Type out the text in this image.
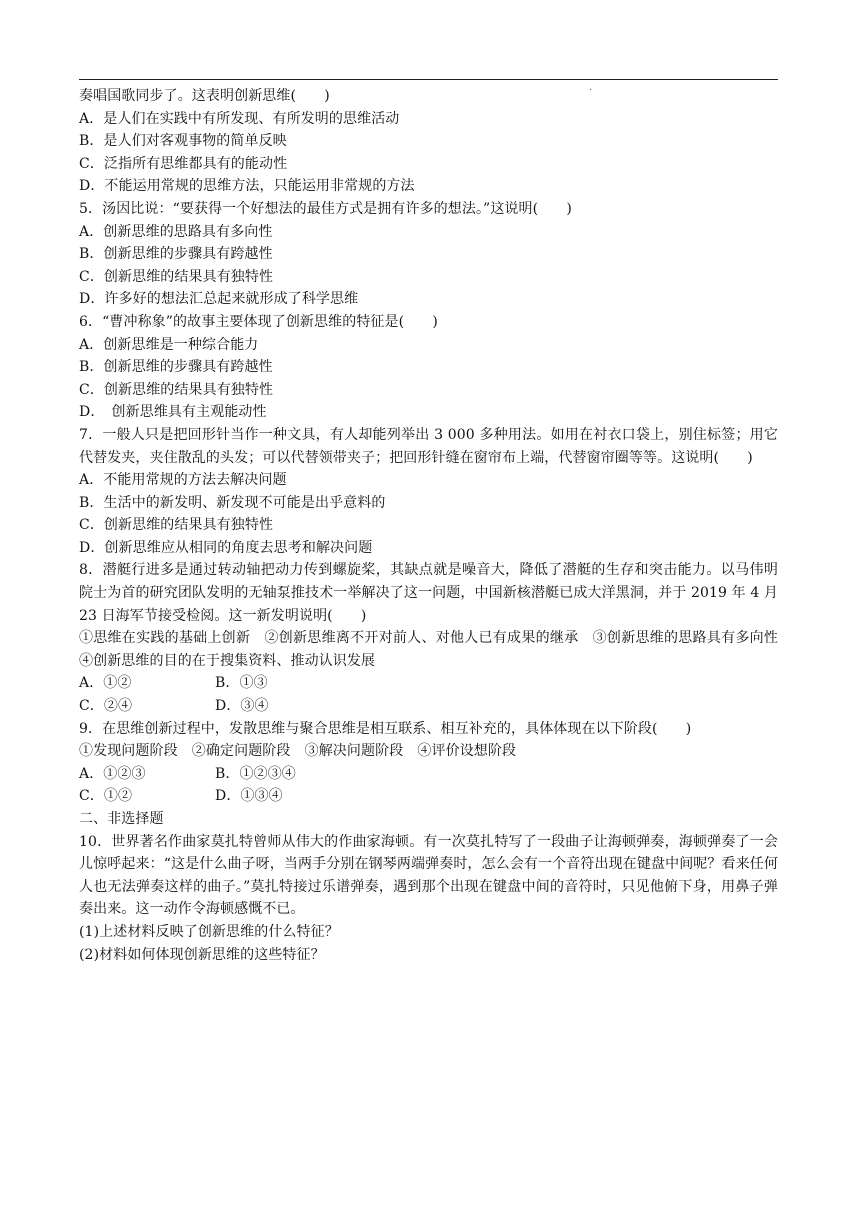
·
奏唱国歌同步了。这表明创新思维(　　)
A．是人们在实践中有所发现、有所发明的思维活动
B．是人们对客观事物的简单反映
C．泛指所有思维都具有的能动性
D．不能运用常规的思维方法，只能运用非常规的方法
5．汤因比说：“要获得一个好想法的最佳方式是拥有许多的想法。”这说明(　　)
A．创新思维的思路具有多向性
B．创新思维的步骤具有跨越性
C．创新思维的结果具有独特性
D．许多好的想法汇总起来就形成了科学思维
6．“曹冲称象”的故事主要体现了创新思维的特征是(　　)
A．创新思维是一种综合能力
B．创新思维的步骤具有跨越性
C．创新思维的结果具有独特性
D．　创新思维具有主观能动性
7．一般人只是把回形针当作一种文具，有人却能列举出 3 000 多种用法。如用在衬衣口袋上，别住标签；用它代替发夹，夹住散乱的头发；可以代替领带夹子；把回形针缝在窗帘布上端，代替窗帘圈等等。这说明(　　)
A．不能用常规的方法去解决问题
B．生活中的新发明、新发现不可能是出乎意料的
C．创新思维的结果具有独特性
D．创新思维应从相同的角度去思考和解决问题
8．潜艇行进多是通过转动轴把动力传到螺旋桨，其缺点就是噪音大，降低了潜艇的生存和突击能力。以马伟明院士为首的研究团队发明的无轴泵推技术一举解决了这一问题，中国新核潜艇已成大洋黑洞，并于 2019 年 4 月 23 日海军节接受检阅。这一新发明说明(　　)
①思维在实践的基础上创新　②创新思维离不开对前人、对他人已有成果的继承　③创新思维的思路具有多向性　④创新思维的目的在于搜集资料、推动认识发展
A．①②	B．①③
C．②④	D．③④
9．在思维创新过程中，发散思维与聚合思维是相互联系、相互补充的，具体体现在以下阶段(　　)
①发现问题阶段　②确定问题阶段　③解决问题阶段　④评价设想阶段
A．①②③	B．①②③④
C．①②	D．①③④
二、非选择题
10．世界著名作曲家莫扎特曾师从伟大的作曲家海顿。有一次莫扎特写了一段曲子让海顿弹奏，海顿弹奏了一会儿惊呼起来：“这是什么曲子呀，当两手分别在钢琴两端弹奏时，怎么会有一个音符出现在键盘中间呢？看来任何人也无法弹奏这样的曲子。”莫扎特接过乐谱弹奏，遇到那个出现在键盘中间的音符时，只见他俯下身，用鼻子弹奏出来。这一动作令海顿感慨不已。
(1)上述材料反映了创新思维的什么特征？
(2)材料如何体现创新思维的这些特征？
